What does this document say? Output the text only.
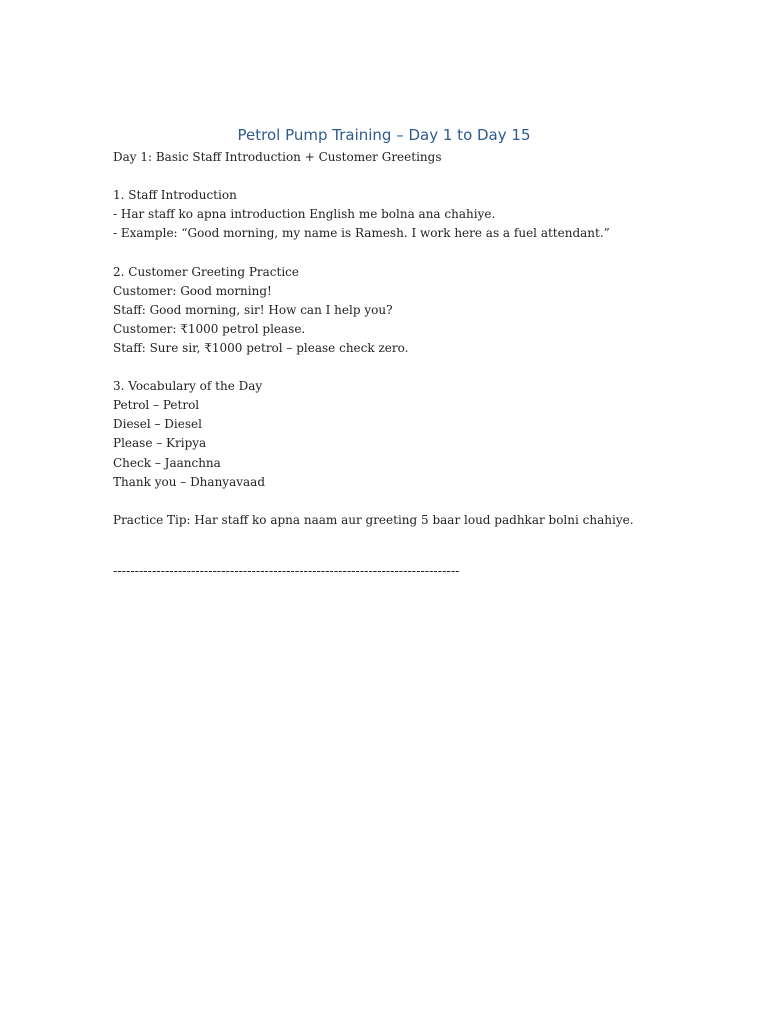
Petrol Pump Training – Day 1 to Day 15
Day 1: Basic Staff Introduction + Customer Greetings
1. Staff Introduction
- Har staff ko apna introduction English me bolna ana chahiye.
- Example: “Good morning, my name is Ramesh. I work here as a fuel attendant.”
2. Customer Greeting Practice
Customer: Good morning!
Staff: Good morning, sir! How can I help you?
Customer: ₹1000 petrol please.
Staff: Sure sir, ₹1000 petrol – please check zero.
3. Vocabulary of the Day
Petrol – Petrol
Diesel – Diesel
Please – Kripya
Check – Jaanchna
Thank you – Dhanyavaad
Practice Tip: Har staff ko apna naam aur greeting 5 baar loud padhkar bolni chahiye.
--------------------------------------------------------------------------------
